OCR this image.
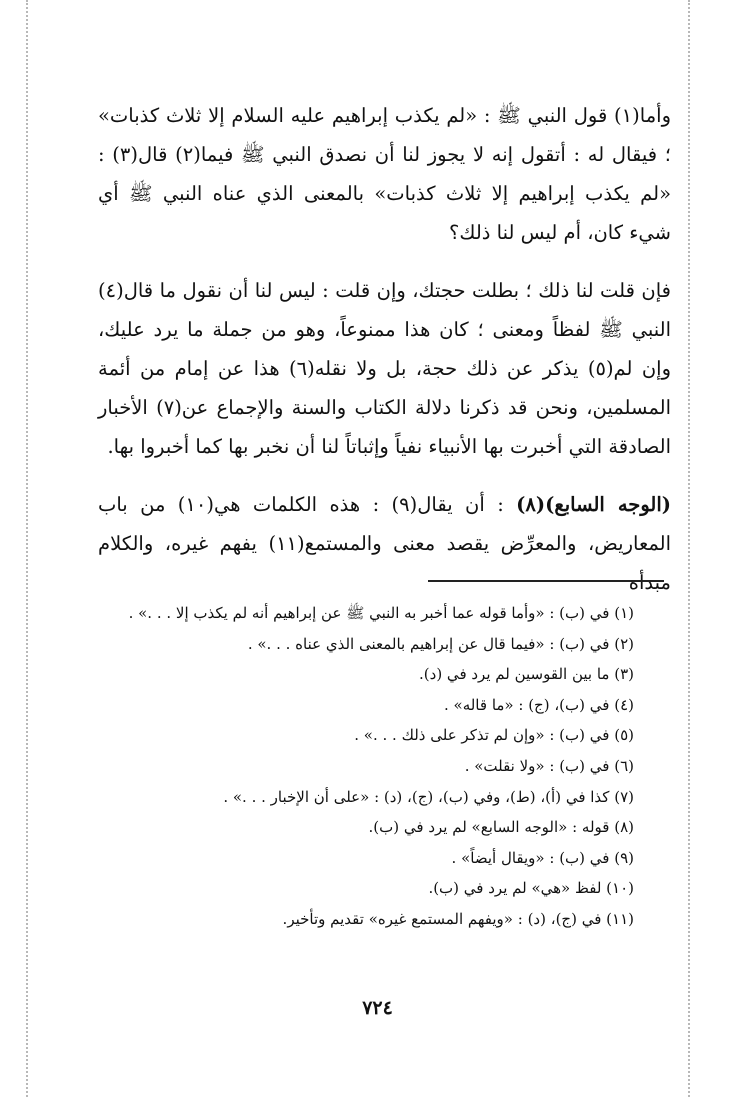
وأما(١) قول النبي ﷺ : «لم يكذب إبراهيم عليه السلام إلا ثلاث كذبات» ؛ فيقال له : أتقول إنه لا يجوز لنا أن نصدق النبي ﷺ فيما(٢) قال(٣) : «لم يكذب إبراهيم إلا ثلاث كذبات» بالمعنى الذي عناه النبي ﷺ أي شيء كان، أم ليس لنا ذلك؟

فإن قلت لنا ذلك ؛ بطلت حجتك، وإن قلت : ليس لنا أن نقول ما قال(٤) النبي ﷺ لفظاً ومعنى ؛ كان هذا ممنوعاً، وهو من جملة ما يرد عليك، وإن لم(٥) يذكر عن ذلك حجة، بل ولا نقله(٦) هذا عن إمام من أئمة المسلمين، ونحن قد ذكرنا دلالة الكتاب والسنة والإجماع عن(٧) الأخبار الصادقة التي أخبرت بها الأنبياء نفياً وإثباتاً لنا أن نخبر بها كما أخبروا بها.

(الوجه السابع)(٨) : أن يقال(٩) : هذه الكلمات هي(١٠) من باب المعاريض، والمعرِّض يقصد معنى والمستمع(١١) يفهم غيره، والكلام مبدأه

(١) في (ب) : «وأما قوله عما أخبر به النبي ﷺ عن إبراهيم أنه لم يكذب إلا . . .» .
(٢) في (ب) : «فيما قال عن إبراهيم بالمعنى الذي عناه . . .» .
(٣) ما بين القوسين لم يرد في (د).
(٤) في (ب)، (ج) : «ما قاله» .
(٥) في (ب) : «وإن لم تذكر على ذلك . . .» .
(٦) في (ب) : «ولا نقلت» .
(٧) كذا في (أ)، (ط)، وفي (ب)، (ج)، (د) : «على أن الإخبار . . .» .
(٨) قوله : «الوجه السابع» لم يرد في (ب).
(٩) في (ب) : «ويقال أيضاً» .
(١٠) لفظ «هي» لم يرد في (ب).
(١١) في (ج)، (د) : «ويفهم المستمع غيره» تقديم وتأخير.
٧٢٤
